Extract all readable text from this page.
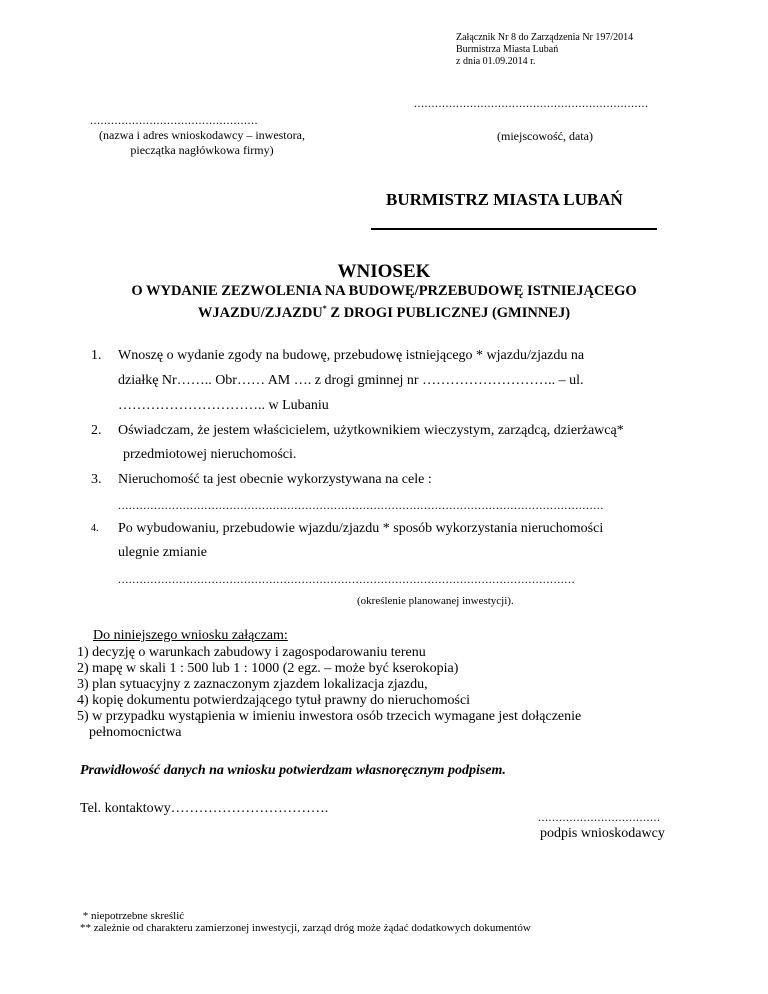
Załącznik Nr 8 do Zarządzenia Nr 197/2014
Burmistrza Miasta Lubań
z dnia 01.09.2014 r.
...................................................................
................................................
(nazwa i adres wnioskodawcy – inwestora,
pieczątka nagłówkowa firmy)
(miejscowość, data)
BURMISTRZ MIASTA LUBAŃ
WNIOSEK
O WYDANIE ZEZWOLENIA NA BUDOWĘ/PRZEBUDOWĘ ISTNIEJĄCEGO
WJAZDU/ZJAZDU* Z DROGI PUBLICZNEJ (GMINNEJ)
1. Wnoszę o wydanie zgody na budowę, przebudowę istniejącego * wjazdu/zjazdu na
działkę Nr…….. Obr…… AM …. z drogi gminnej nr ……………………….. – ul.
………………………….. w Lubaniu
2. Oświadczam, że jestem właścicielem, użytkownikiem wieczystym, zarządcą, dzierżawcą*
przedmiotowej nieruchomości.
3. Nieruchomość ta jest obecnie wykorzystywana na cele :
.......................................................................................................................................
4. Po wybudowaniu, przebudowie wjazdu/zjazdu * sposób wykorzystania nieruchomości
ulegnie zmianie
...............................................................................................................................
(określenie planowanej inwestycji).
Do niniejszego wniosku załączam:
1) decyzję o warunkach zabudowy i zagospodarowaniu terenu
2) mapę w skali 1 : 500 lub 1 : 1000 (2 egz. – może być kserokopia)
3) plan sytuacyjny z zaznaczonym zjazdem lokalizacja zjazdu,
4) kopię dokumentu potwierdzającego tytuł prawny do nieruchomości
5) w przypadku wystąpienia w imieniu inwestora osób trzecich wymagane jest dołączenie
pełnomocnictwa
Prawidłowość danych na wniosku potwierdzam własnoręcznym podpisem.
Tel. kontaktowy…………………………….
...................................
podpis wnioskodawcy
* niepotrzebne skreślić
** zależnie od charakteru zamierzonej inwestycji, zarząd dróg może żądać dodatkowych dokumentów
